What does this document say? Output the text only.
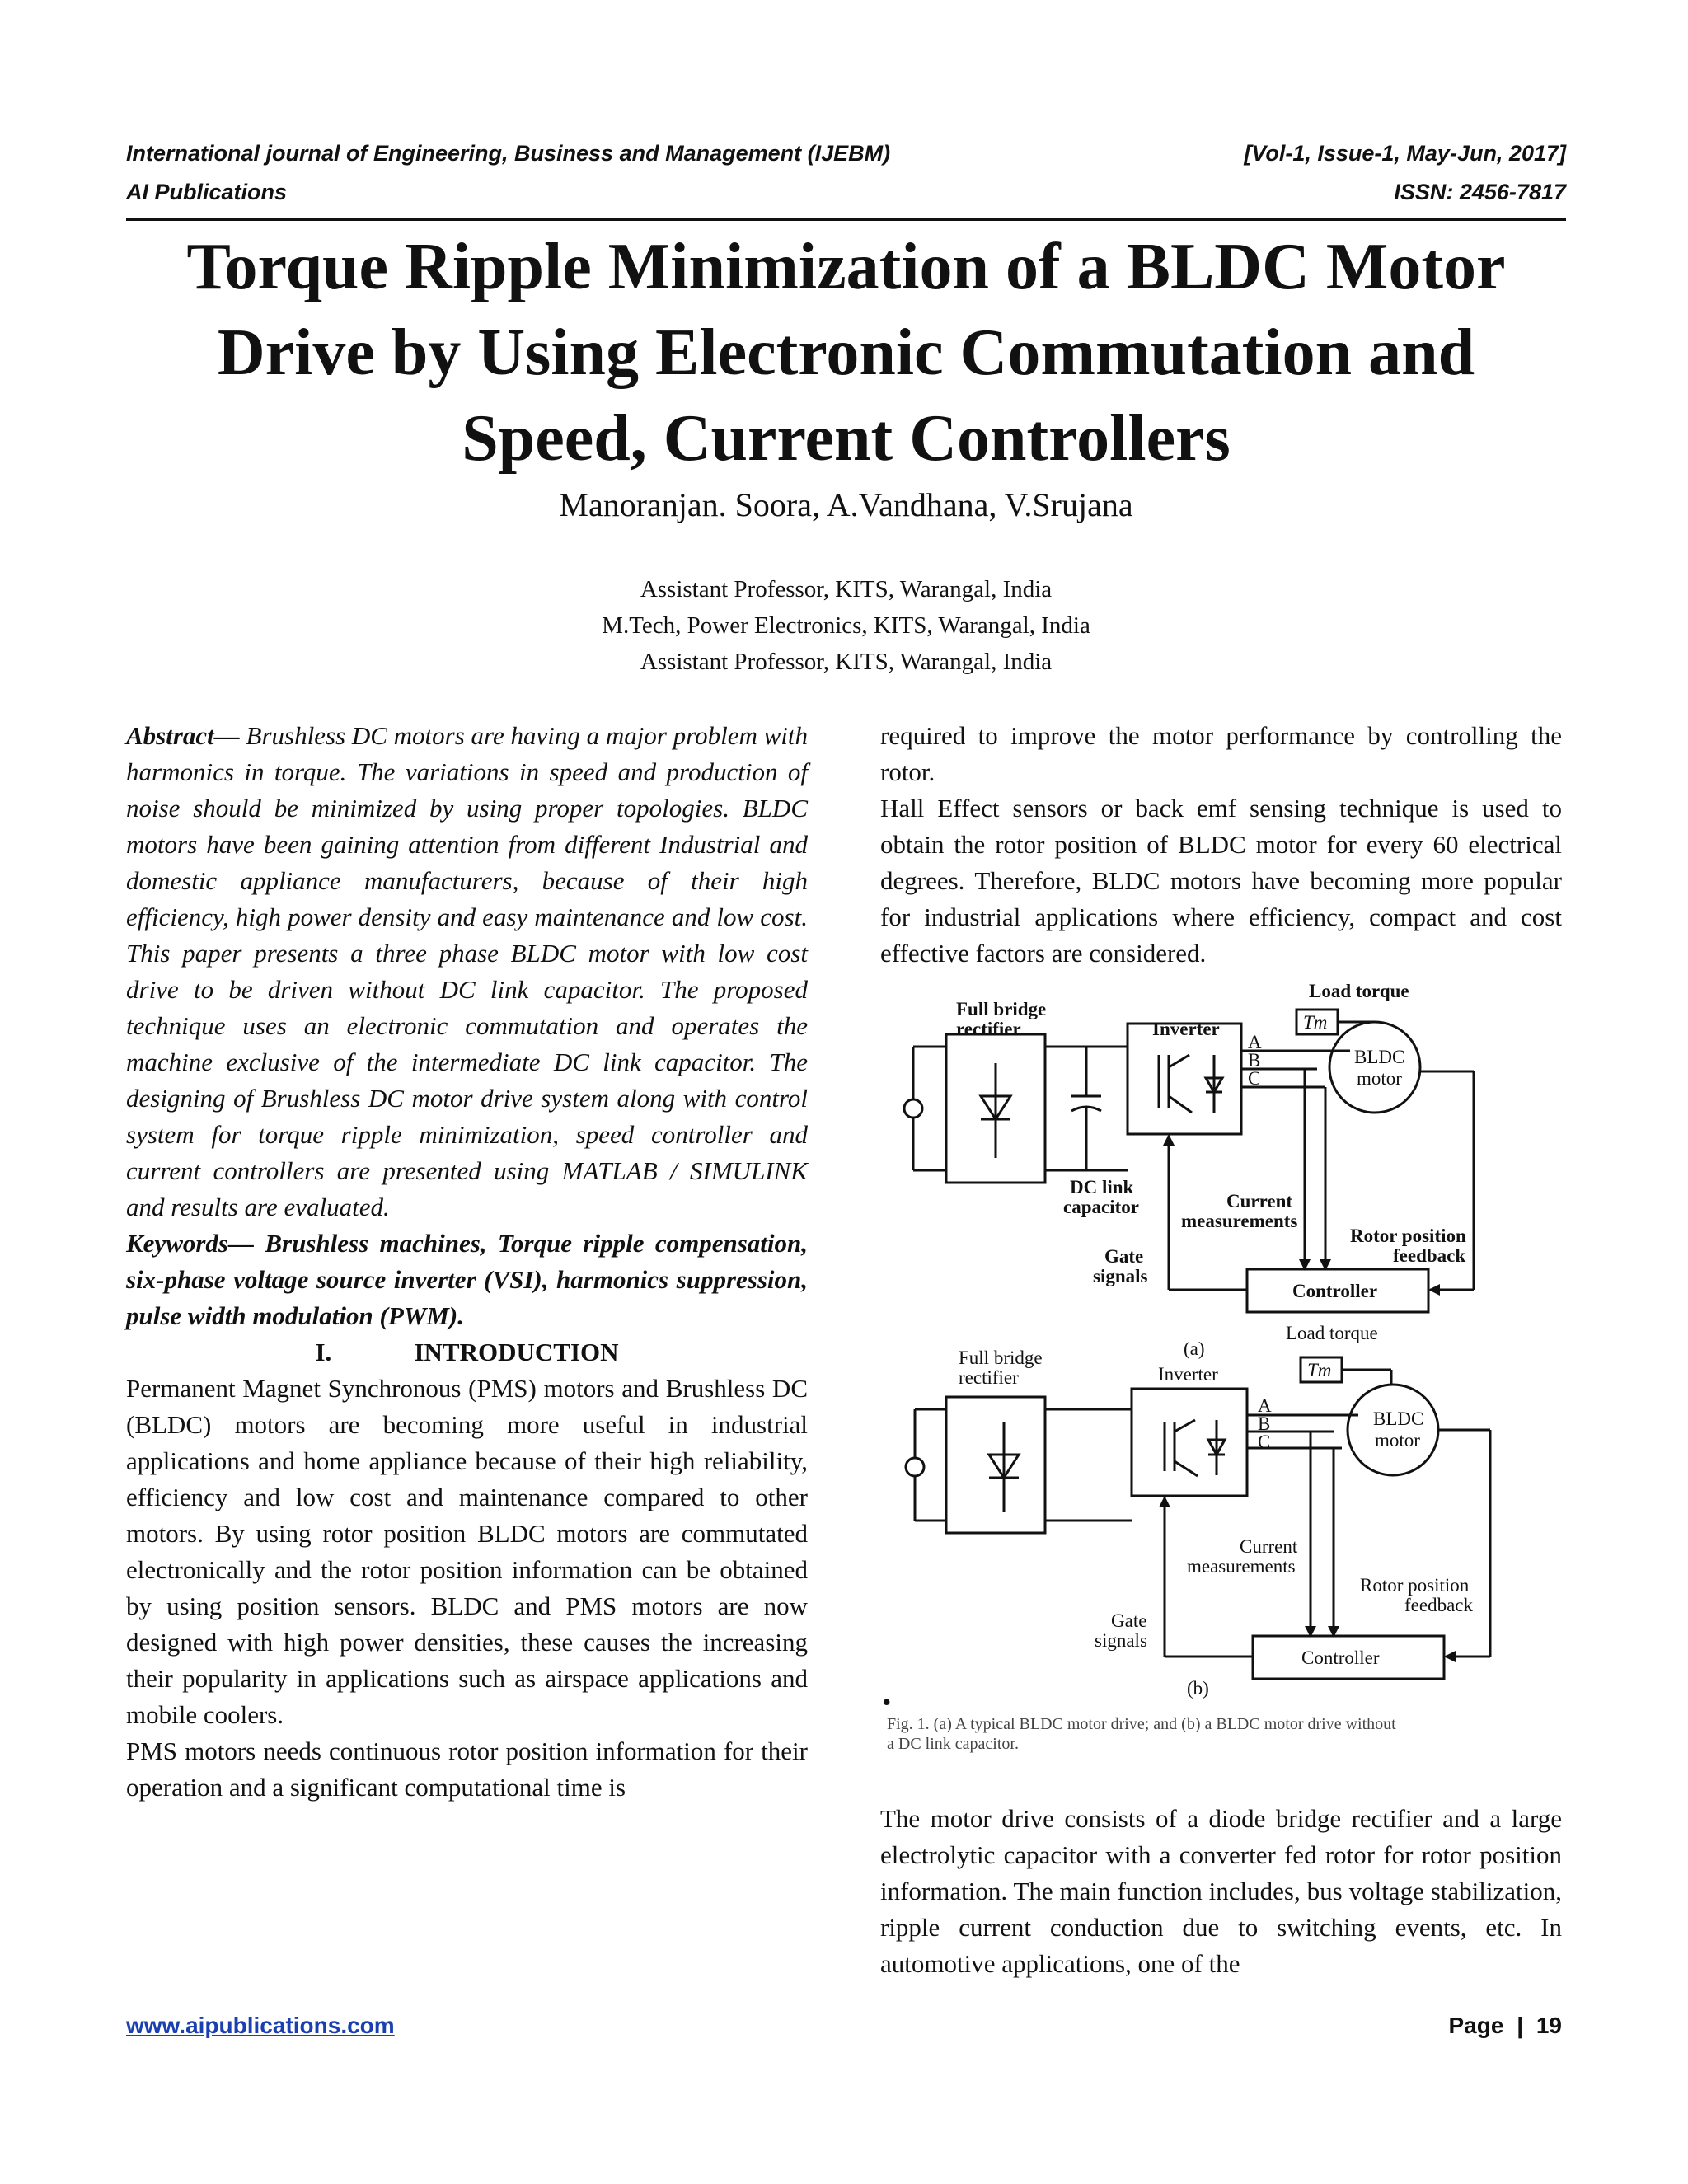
International journal of Engineering, Business and Management (IJEBM)	[Vol-1, Issue-1, May-Jun, 2017]
AI Publications	ISSN: 2456-7817
Torque Ripple Minimization of a BLDC Motor
Drive by Using Electronic Commutation and
Speed, Current Controllers
Manoranjan. Soora, A.Vandhana, V.Srujana
Assistant Professor, KITS, Warangal, India
M.Tech, Power Electronics, KITS, Warangal, India
Assistant Professor, KITS, Warangal, India

Abstract— Brushless DC motors are having a major problem with harmonics in torque. The variations in speed and production of noise should be minimized by using proper topologies. BLDC motors have been gaining attention from different Industrial and domestic appliance manufacturers, because of their high efficiency, high power density and easy maintenance and low cost. This paper presents a three phase BLDC motor with low cost drive to be driven without DC link capacitor. The proposed technique uses an electronic commutation and operates the machine exclusive of the intermediate DC link capacitor. The designing of Brushless DC motor drive system along with control system for torque ripple minimization, speed controller and current controllers are presented using MATLAB / SIMULINK and results are evaluated.

Keywords— Brushless machines, Torque ripple compensation, six-phase voltage source inverter (VSI), harmonics suppression, pulse width modulation (PWM).

I.	INTRODUCTION

Permanent Magnet Synchronous (PMS) motors and Brushless DC (BLDC) motors are becoming more useful in industrial applications and home appliance because of their high reliability, efficiency and low cost and maintenance compared to other motors. By using rotor position BLDC motors are commutated electronically and the rotor position information can be obtained by using position sensors. BLDC and PMS motors are now designed with high power densities, these causes the increasing their popularity in applications such as airspace applications and mobile coolers.

PMS motors needs continuous rotor position information for their operation and a significant computational time is

required to improve the motor performance by controlling the rotor.

Hall Effect sensors or back emf sensing technique is used to obtain the rotor position of BLDC motor for every 60 electrical degrees. Therefore, BLDC motors have becoming more popular for industrial applications where efficiency, compact and cost effective factors are considered.

Load torque
Tm
Full bridge
rectifier	Inverter
A
B
C
BLDC
motor
DC link
capacitor	Current
measurements
Rotor position
feedback
Gate
signals
Controller
(a)
Load torque
Tm
Full bridge
rectifier	Inverter
A
B
C
BLDC
motor
Current
measurements
Rotor position
feedback
Gate
signals
Controller
(b)
•
Fig. 1. (a) A typical BLDC motor drive; and (b) a BLDC motor drive without
a DC link capacitor.

The motor drive consists of a diode bridge rectifier and a large electrolytic capacitor with a converter fed rotor for rotor position information. The main function includes, bus voltage stabilization, ripple current conduction due to switching events, etc. In automotive applications, one of the

www.aipublications.com	Page | 19
